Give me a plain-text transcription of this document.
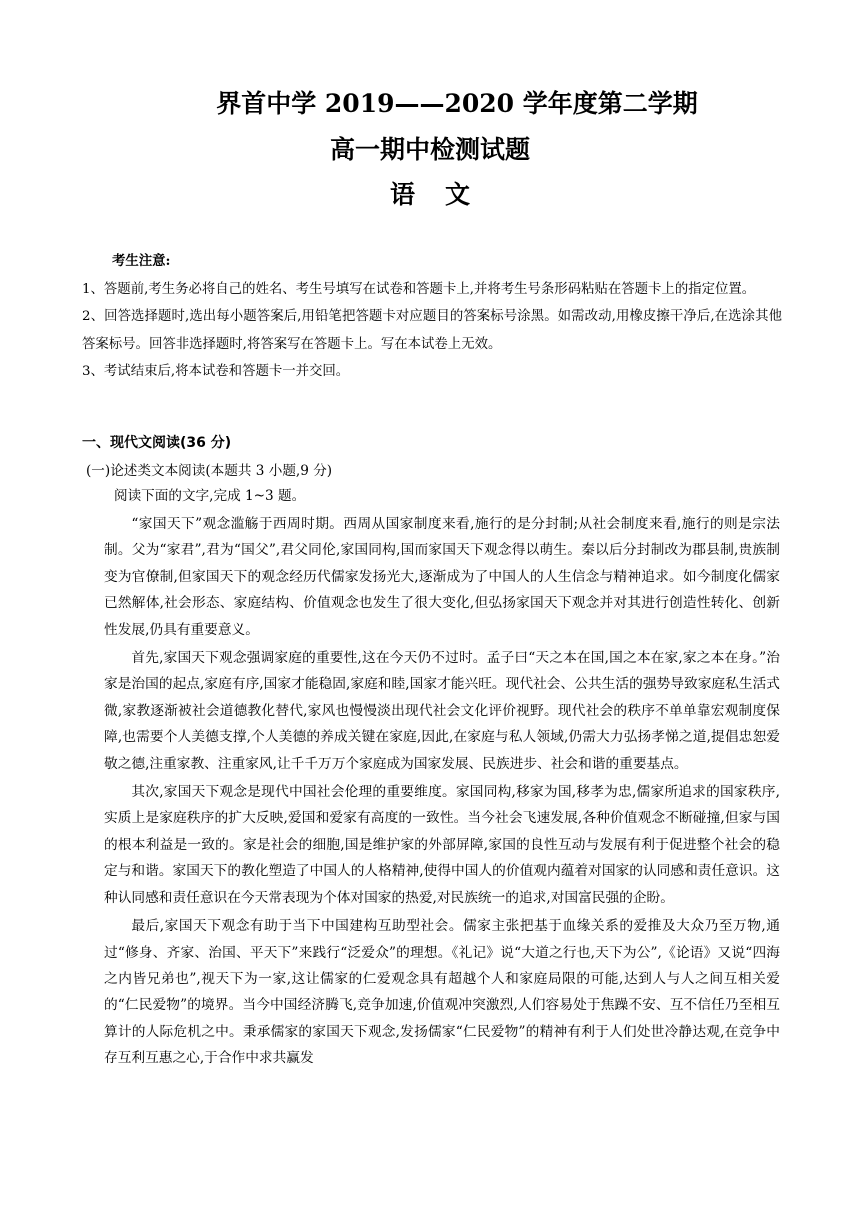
界首中学 2019——2020 学年度第二学期
高一期中检测试题
语文
考生注意:

1、答题前,考生务必将自己的姓名、考生号填写在试卷和答题卡上,并将考生号条形码粘贴在答题卡上的指定位置。

2、回答选择题时,选出每小题答案后,用铅笔把答题卡对应题目的答案标号涂黑。如需改动,用橡皮擦干净后,在选涂其他答案标号。回答非选择题时,将答案写在答题卡上。写在本试卷上无效。

3、考试结束后,将本试卷和答题卡一并交回。

一、现代文阅读(36 分)
(一)论述类文本阅读(本题共 3 小题,9 分)
阅读下面的文字,完成 1~3 题。

“家国天下”观念滥觞于西周时期。西周从国家制度来看,施行的是分封制;从社会制度来看,施行的则是宗法制。父为“家君”,君为“国父”,君父同伦,家国同构,国而家国天下观念得以萌生。秦以后分封制改为郡县制,贵族制变为官僚制,但家国天下的观念经历代儒家发扬光大,逐渐成为了中国人的人生信念与精神追求。如今制度化儒家已然解体,社会形态、家庭结构、价值观念也发生了很大变化,但弘扬家国天下观念并对其进行创造性转化、创新性发展,仍具有重要意义。

首先,家国天下观念强调家庭的重要性,这在今天仍不过时。孟子曰“天之本在国,国之本在家,家之本在身。”治家是治国的起点,家庭有序,国家才能稳固,家庭和睦,国家才能兴旺。现代社会、公共生活的强势导致家庭私生活式微,家教逐渐被社会道德教化替代,家风也慢慢淡出现代社会文化评价视野。现代社会的秩序不单单靠宏观制度保障,也需要个人美德支撑,个人美德的养成关键在家庭,因此,在家庭与私人领域,仍需大力弘扬孝悌之道,提倡忠恕爱敬之德,注重家教、注重家风,让千千万万个家庭成为国家发展、民族进步、社会和谐的重要基点。

其次,家国天下观念是现代中国社会伦理的重要维度。家国同构,移家为国,移孝为忠,儒家所追求的国家秩序,实质上是家庭秩序的扩大反映,爱国和爱家有高度的一致性。当今社会飞速发展,各种价值观念不断碰撞,但家与国的根本利益是一致的。家是社会的细胞,国是维护家的外部屏障,家国的良性互动与发展有利于促进整个社会的稳定与和谐。家国天下的教化塑造了中国人的人格精神,使得中国人的价值观内蕴着对国家的认同感和责任意识。这种认同感和责任意识在今天常表现为个体对国家的热爱,对民族统一的追求,对国富民强的企盼。

最后,家国天下观念有助于当下中国建构互助型社会。儒家主张把基于血缘关系的爱推及大众乃至万物,通过“修身、齐家、治国、平天下”来践行“泛爱众”的理想。《礼记》说“大道之行也,天下为公”,《论语》又说“四海之内皆兄弟也”,视天下为一家,这让儒家的仁爱观念具有超越个人和家庭局限的可能,达到人与人之间互相关爱的“仁民爱物”的境界。当今中国经济腾飞,竞争加速,价值观冲突激烈,人们容易处于焦躁不安、互不信任乃至相互算计的人际危机之中。秉承儒家的家国天下观念,发扬儒家“仁民爱物”的精神有利于人们处世冷静达观,在竞争中存互利互惠之心,于合作中求共赢发
